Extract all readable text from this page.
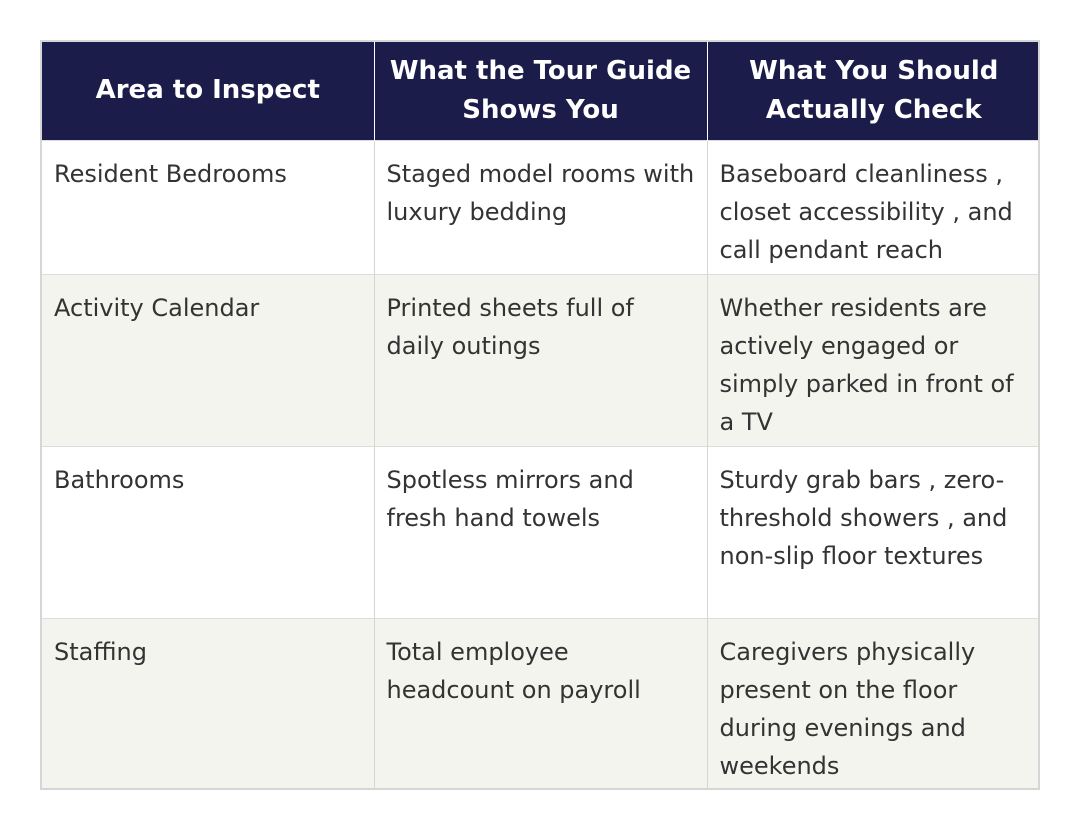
Area to Inspect	What the Tour Guide Shows You	What You Should Actually Check
Resident Bedrooms	Staged model rooms with luxury bedding	Baseboard cleanliness , closet accessibility , and call pendant reach
Activity Calendar	Printed sheets full of daily outings	Whether residents are actively engaged or simply parked in front of a TV
Bathrooms	Spotless mirrors and fresh hand towels	Sturdy grab bars , zero-threshold showers , and non-slip floor textures
Staffing	Total employee headcount on payroll	Caregivers physically present on the floor during evenings and weekends
